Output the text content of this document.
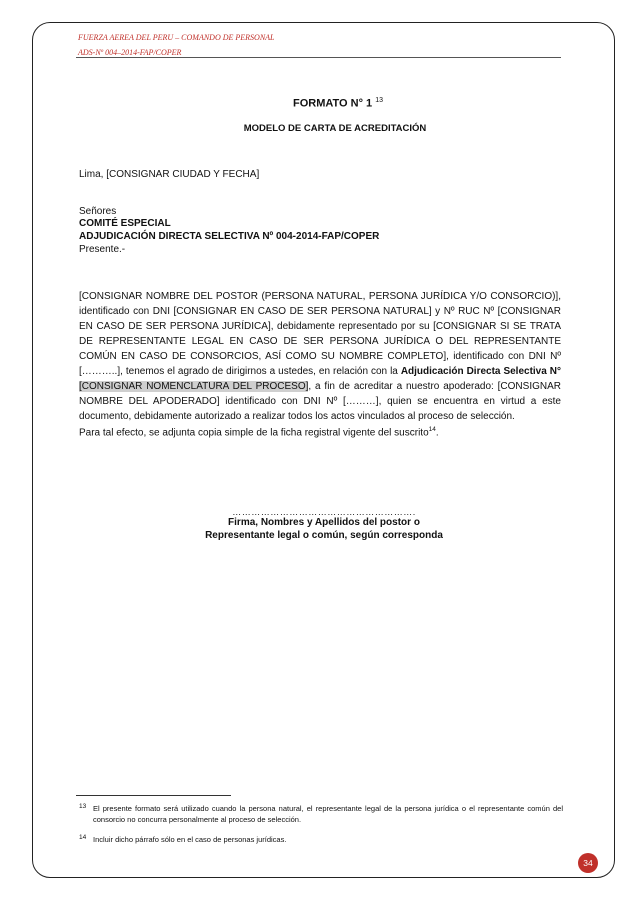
FUERZA AEREA DEL PERU – COMANDO DE PERSONAL
ADS-Nº 004–2014-FAP/COPER
FORMATO N° 1 $^{13}$
MODELO DE CARTA DE ACREDITACIÓN
Lima, [CONSIGNAR CIUDAD Y FECHA]
Señores
COMITÉ ESPECIAL
ADJUDICACIÓN DIRECTA SELECTIVA Nº 004-2014-FAP/COPER
Presente.-
[CONSIGNAR NOMBRE DEL POSTOR (PERSONA NATURAL, PERSONA JURÍDICA Y/O CONSORCIO)], identificado con DNI [CONSIGNAR EN CASO DE SER PERSONA NATURAL] y Nº RUC Nº [CONSIGNAR EN CASO DE SER PERSONA JURÍDICA], debidamente representado por su [CONSIGNAR SI SE TRATA DE REPRESENTANTE LEGAL EN CASO DE SER PERSONA JURÍDICA O DEL REPRESENTANTE COMÚN EN CASO DE CONSORCIOS, ASÍ COMO SU NOMBRE COMPLETO], identificado con DNI Nº [………..], tenemos el agrado de dirigirnos a ustedes, en relación con la Adjudicación Directa Selectiva N° [CONSIGNAR NOMENCLATURA DEL PROCESO], a fin de acreditar a nuestro apoderado: [CONSIGNAR NOMBRE DEL APODERADO] identificado con DNI Nº [………], quien se encuentra en virtud a este documento, debidamente autorizado a realizar todos los actos vinculados al proceso de selección.
Para tal efecto, se adjunta copia simple de la ficha registral vigente del suscrito$^{14}$.
………………………………………………….
Firma, Nombres y Apellidos del postor o
Representante legal o común, según corresponda
13 El presente formato será utilizado cuando la persona natural, el representante legal de la persona jurídica o el representante común del consorcio no concurra personalmente al proceso de selección.
14 Incluir dicho párrafo sólo en el caso de personas jurídicas.
34
